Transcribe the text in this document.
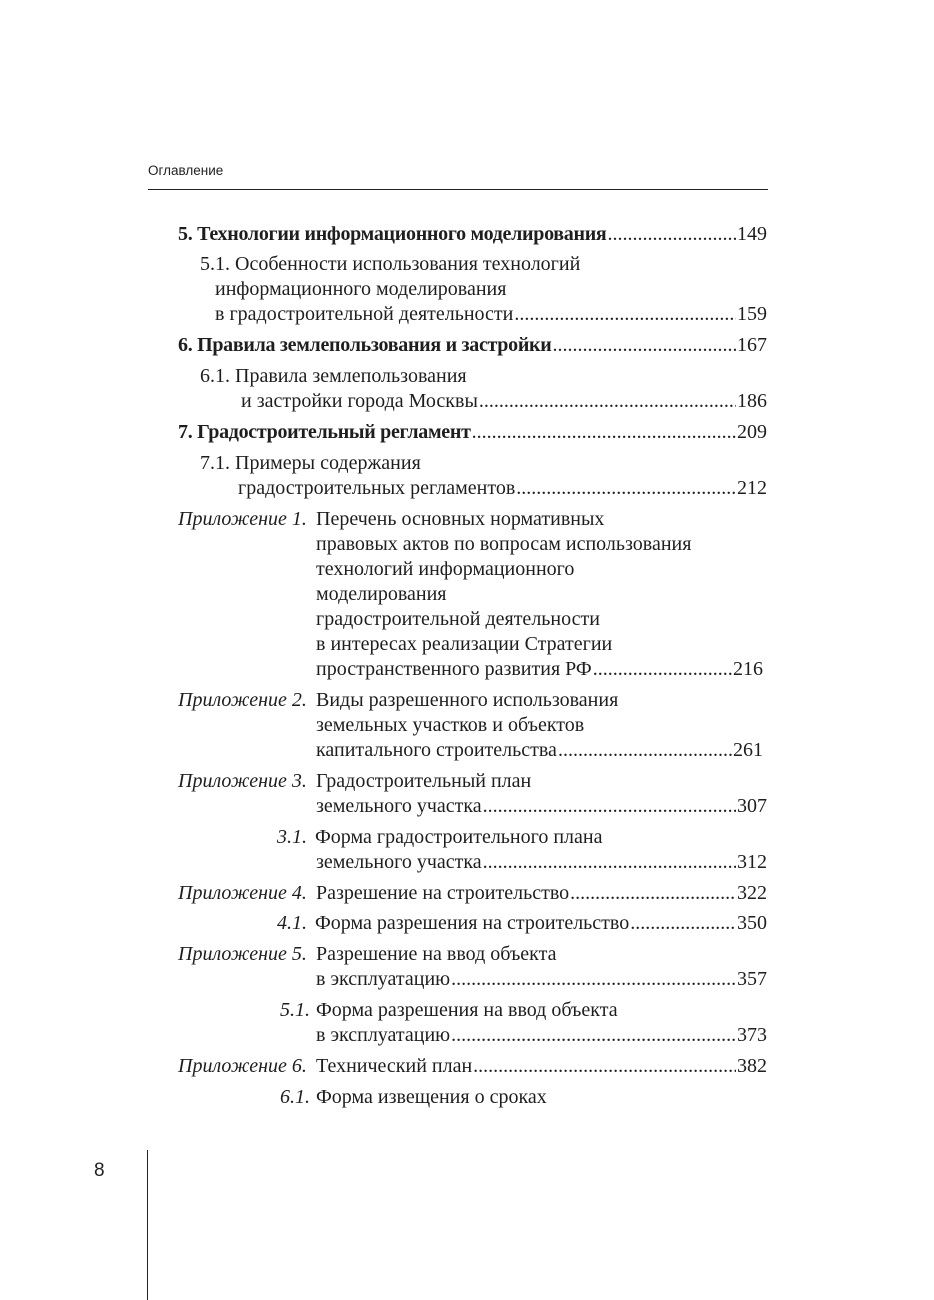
Оглавление
5. Технологии информационного моделирования .....	149
5.1. Особенности использования технологий
информационного моделирования
в градостроительной деятельности .....	159
6. Правила землепользования и застройки .....	167
6.1. Правила землепользования
и застройки города Москвы .....	186
7. Градостроительный регламент .....	209
7.1. Примеры содержания
градостроительных регламентов .....	212
Приложение 1. Перечень основных нормативных
правовых актов по вопросам использования
технологий информационного
моделирования
градостроительной деятельности
в интересах реализации Стратегии
пространственного развития РФ .....	216
Приложение 2. Виды разрешенного использования
земельных участков и объектов
капитального строительства .....	261
Приложение 3. Градостроительный план
земельного участка .....	307
3.1. Форма градостроительного плана
земельного участка .....	312
Приложение 4. Разрешение на строительство .....	322
4.1. Форма разрешения на строительство .....	350
Приложение 5. Разрешение на ввод объекта
в эксплуатацию .....	357
5.1. Форма разрешения на ввод объекта
в эксплуатацию .....	373
Приложение 6. Технический план .....	382
6.1. Форма извещения о сроках
8
